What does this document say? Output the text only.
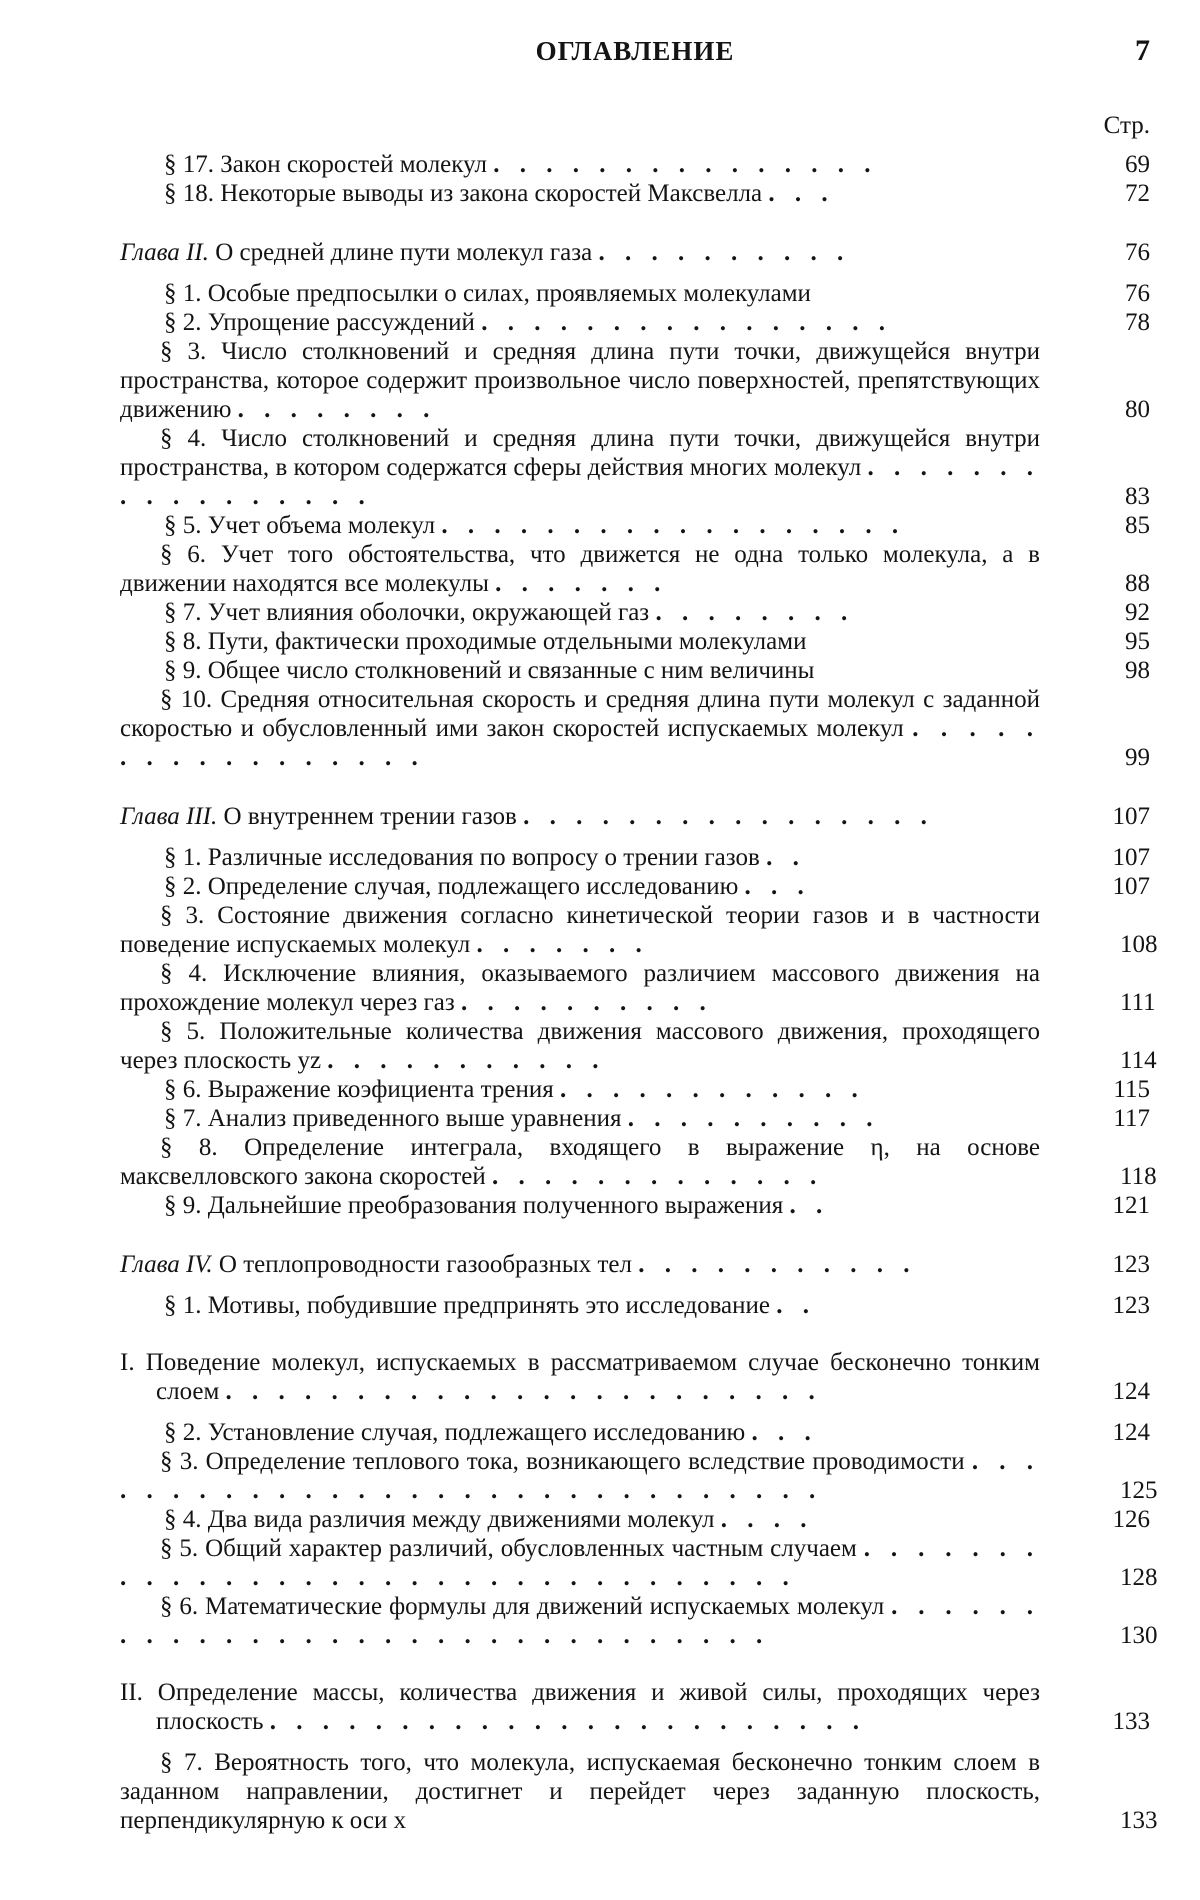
ОГЛАВЛЕНИЕ	7
Стр.
§ 17. Закон скоростей молекул . . . . . . . . . . . . . . .	69
§ 18. Некоторые выводы из закона скоростей Максвелла . . .	72
Глава II. О средней длине пути молекул газа . . . . . . . . . .	76
§ 1. Особые предпосылки о силах, проявляемых молекулами	76
§ 2. Упрощение рассуждений . . . . . . . . . . . . . . . .	78
§ 3. Число столкновений и средняя длина пути точки, движущейся внутри пространства, которое содержит произвольное число поверхностей, препятствующих движению . . . . . . . .	80
§ 4. Число столкновений и средняя длина пути точки, движущейся внутри пространства, в котором содержатся сферы действия многих молекул . . . . . . . . . . . . . . . . .	83
§ 5. Учет объема молекул . . . . . . . . . . . . . . . . . .	85
§ 6. Учет того обстоятельства, что движется не одна только молекула, а в движении находятся все молекулы . . . . . . .	88
§ 7. Учет влияния оболочки, окружающей газ . . . . . . . .	92
§ 8. Пути, фактически проходимые отдельными молекулами	95
§ 9. Общее число столкновений и связанные с ним величины	98
§ 10. Средняя относительная скорость и средняя длина пути молекул с заданной скоростью и обусловленный ими закон скоростей испускаемых молекул . . . . . . . . . . . . . . . . .	99
Глава III. О внутреннем трении газов . . . . . . . . . . . . . . . .	107
§ 1. Различные исследования по вопросу о трении газов . .	107
§ 2. Определение случая, подлежащего исследованию . . .	107
§ 3. Состояние движения согласно кинетической теории газов и в частности поведение испускаемых молекул . . . . . . .	108
§ 4. Исключение влияния, оказываемого различием массового движения на прохождение молекул через газ . . . . . . . . . .	111
§ 5. Положительные количества движения массового движения, проходящего через плоскость yz . . . . . . . . . . .	114
§ 6. Выражение коэфициента трения . . . . . . . . . . . .	115
§ 7. Анализ приведенного выше уравнения . . . . . . . . . .	117
§ 8. Определение интеграла, входящего в выражение η, на основе максвелловского закона скоростей . . . . . . . . . . . . .	118
§ 9. Дальнейшие преобразования полученного выражения . .	121
Глава IV. О теплопроводности газообразных тел . . . . . . . . . . .	123
§ 1. Мотивы, побудившие предпринять это исследование . .	123
I. Поведение молекул, испускаемых в рассматриваемом случае бесконечно тонким слоем . . . . . . . . . . . . . . . . . . . . . . .	124
§ 2. Установление случая, подлежащего исследованию . . .	124
§ 3. Определение теплового тока, возникающего вследствие проводимости . . . . . . . . . . . . . . . . . . . . . . . . . . . . . .	125
§ 4. Два вида различия между движениями молекул . . . .	126
§ 5. Общий характер различий, обусловленных частным случаем . . . . . . . . . . . . . . . . . . . . . . . . . . . . . . . . .	128
§ 6. Математические формулы для движений испускаемых молекул . . . . . . . . . . . . . . . . . . . . . . . . . . . . . . .	130
II. Определение массы, количества движения и живой силы, проходящих через плоскость . . . . . . . . . . . . . . . . . . . . . . .	133
§ 7. Вероятность того, что молекула, испускаемая бесконечно тонким слоем в заданном направлении, достигнет и перейдет через заданную плоскость, перпендикулярную к оси x	133
